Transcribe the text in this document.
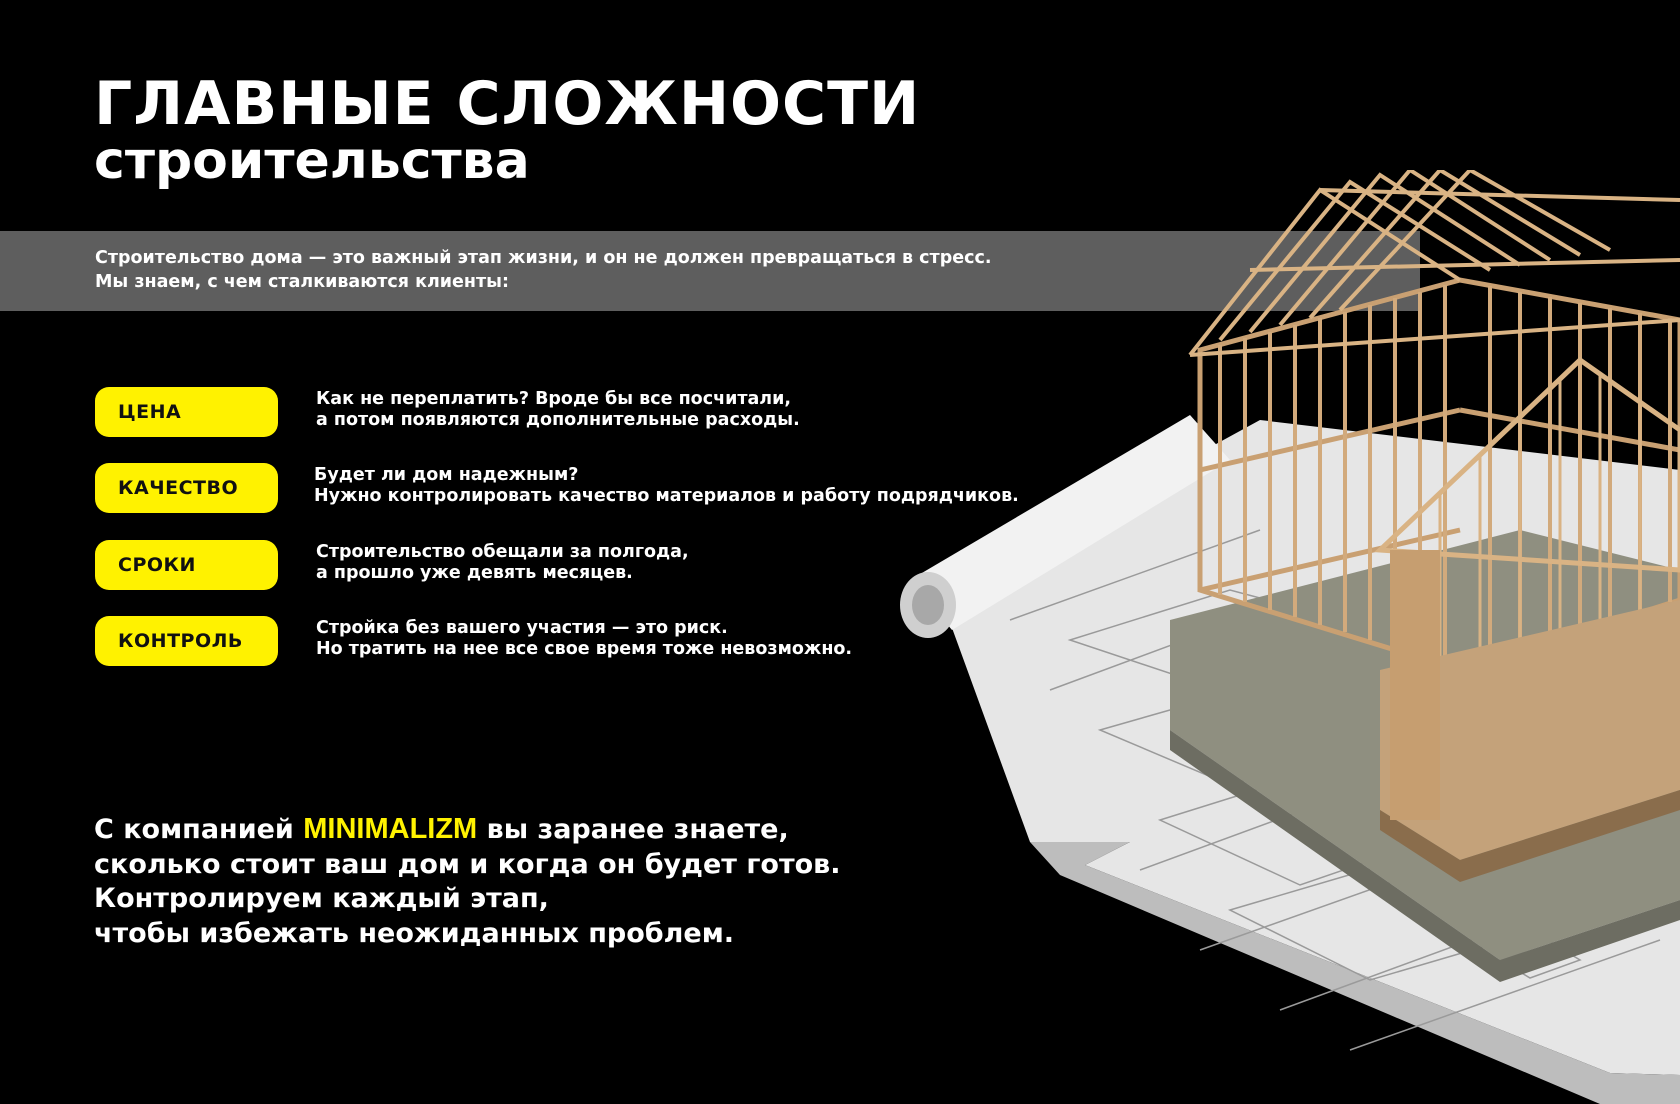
ГЛАВНЫЕ СЛОЖНОСТИ
строительства
Строительство дома — это важный этап жизни, и он не должен превращаться в стресс.
Мы знаем, с чем сталкиваются клиенты:
ЦЕНА
Как не переплатить? Вроде бы все посчитали,
а потом появляются дополнительные расходы.
КАЧЕСТВО
Будет ли дом надежным?
Нужно контролировать качество материалов и работу подрядчиков.
СРОКИ
Строительство обещали за полгода,
а прошло уже девять месяцев.
КОНТРОЛЬ
Стройка без вашего участия — это риск.
Но тратить на нее все свое время тоже невозможно.
С компанией MINIMALIZM вы заранее знаете,
сколько стоит ваш дом и когда он будет готов.
Контролируем каждый этап,
чтобы избежать неожиданных проблем.
